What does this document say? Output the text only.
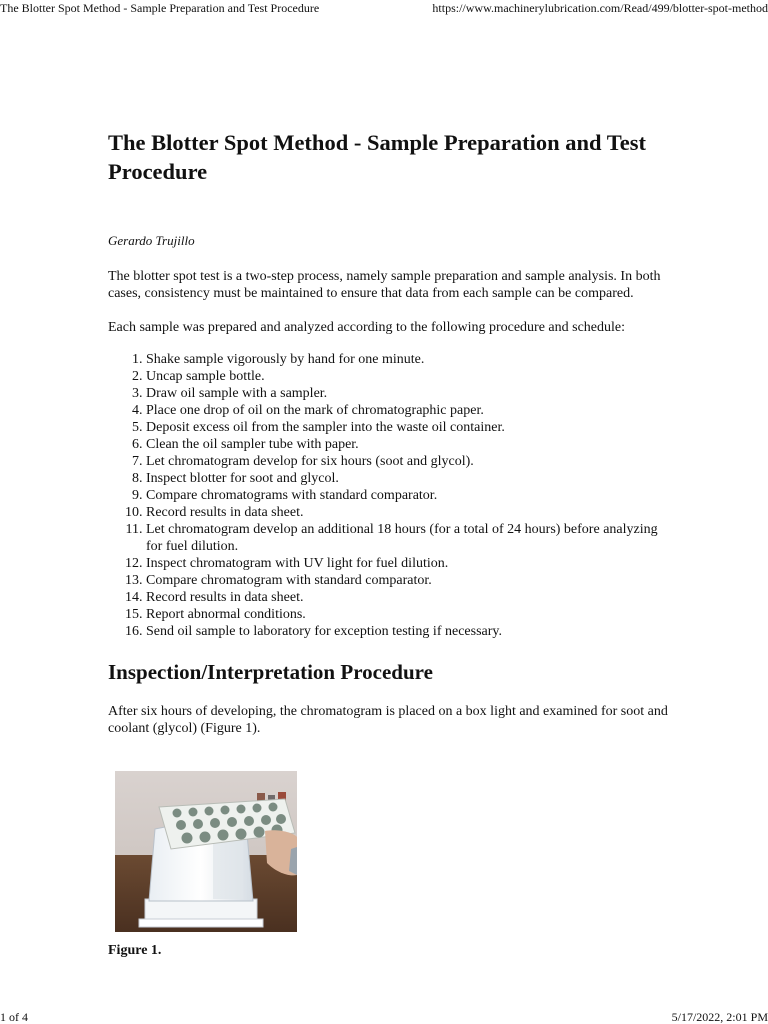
The Blotter Spot Method - Sample Preparation and Test Procedure	https://www.machinerylubrication.com/Read/499/blotter-spot-method
The Blotter Spot Method - Sample Preparation and Test Procedure
Gerardo Trujillo

The blotter spot test is a two-step process, namely sample preparation and sample analysis. In both cases, consistency must be maintained to ensure that data from each sample can be compared.

Each sample was prepared and analyzed according to the following procedure and schedule:

1. Shake sample vigorously by hand for one minute.
2. Uncap sample bottle.
3. Draw oil sample with a sampler.
4. Place one drop of oil on the mark of chromatographic paper.
5. Deposit excess oil from the sampler into the waste oil container.
6. Clean the oil sampler tube with paper.
7. Let chromatogram develop for six hours (soot and glycol).
8. Inspect blotter for soot and glycol.
9. Compare chromatograms with standard comparator.
10. Record results in data sheet.
11. Let chromatogram develop an additional 18 hours (for a total of 24 hours) before analyzing for fuel dilution.
12. Inspect chromatogram with UV light for fuel dilution.
13. Compare chromatogram with standard comparator.
14. Record results in data sheet.
15. Report abnormal conditions.
16. Send oil sample to laboratory for exception testing if necessary.
Inspection/Interpretation Procedure

After six hours of developing, the chromatogram is placed on a box light and examined for soot and coolant (glycol) (Figure 1).

Figure 1.
1 of 4	5/17/2022, 2:01 PM
